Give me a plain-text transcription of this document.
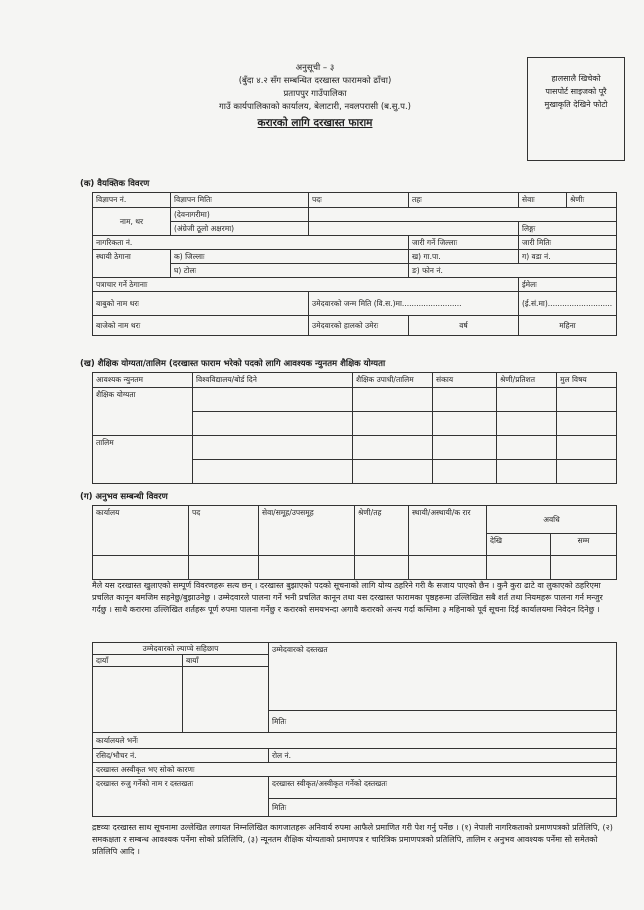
अनुसूची – ३
(बुँदा ४.२ सँग सम्बन्धित दरखास्त फारामको ढाँचा)
प्रतापपुर गाउँपालिका
गाउँ कार्यपालिकाको कार्यालय, बेलाटारी, नवलपरासी (ब.सु.प.)
करारको लागि दरखास्त फाराम
हालसालै खिचेको
पासपोर्ट साइजको पूरै
मुखाकृति देखिने फोटो
(क) वैयक्तिक विवरण
विज्ञापन नं.	विज्ञापन मितिः	पदः	तहः	सेवाः	श्रेणीः
नाम, थर	(देवनागरीमा)				
	(अंग्रेजी ठूलो अक्षरमा)			लिङ्गः	
नागरिकता नं.			जारी गर्ने जिल्लाः	जारी मितिः	
स्थायी ठेगाना	क) जिल्लाः		ख) गा.पा.	ग) वडा नं.	
	घ) टोलः		ङ) फोन नं.		
पत्राचार गर्ने ठेगानाः				ईमेलः	
बाबुको नाम थरः		उमेदवारको जन्म मिति (वि.स.)मा.........................		(ई.सं.मा)...........................	
बाजेको नाम थरः		उमेदवारको हालको उमेरः	वर्ष	महिना	
(ख) शैक्षिक योग्यता/तालिम (दरखास्त फाराम भरेको पदको लागि आवश्यक न्युनतम शैक्षिक योग्यता
आवश्यक न्युनतम	विश्वविद्यालय/बोर्ड दिने	शैक्षिक उपाधी/तालिम	संकाय	श्रेणी/प्रतिशत	मुल विषय
शैक्षिक योग्यता					

तालिम					

(ग) अनुभव सम्बन्धी विवरण
कार्यालय	पद	सेवा/समूह/उपसमूह	श्रेणी/तह	स्थायी/अस्थायी/क रार	अवधि	
					देखि	सम्म

मैले यस दरखास्त खुलाएको सम्पूर्ण विवरणहरू सत्य छन् । दरखास्त बुझाएको पदको सूचनाको लागि योग्य ठहरिने गरी कै सजाय पाएको छैन । कुनै कुरा ढाटे वा लुकाएको ठहरिएमा प्रचलित कानून बमजिम सहनेछु/बुझाउनेछु । उम्मेदवारले पालना गर्ने भनी प्रचलित कानून तथा यस दरखास्त फारामका पृष्ठहरूमा उल्लिखित सबै शर्त तथा नियमहरू पालना गर्न मन्जुर गर्दछु । साथै करारमा उल्लिखित शर्तहरू पूर्ण रुपमा पालना गर्नेछु र करारको समयभन्दा अगावै करारको अन्त्य गर्दा कम्तिमा ३ महिनाको पूर्व सूचना दिई कार्यालयमा निवेदन दिनेछु ।
उम्मेदवारको ल्याप्चे सहिछाप		उम्मेदवारको दस्तखत
दायाँ	बायाँ	

		मितिः
कार्यालयले भर्नेः		
रसिद/भौचर नं.		रोल नं.
दरखास्त अस्वीकृत भए सोको कारणः		
दरखास्त रुजु गर्नेको नाम र दस्तखतः		दरखास्त स्वीकृत/अस्वीकृत गर्नेको दस्तखतः
		मितिः
द्रष्टव्यः दरखास्त साथ सूचनामा उल्लेखित लगायत निम्नलिखित कागजातहरू अनिवार्य रुपमा आफैले प्रमाणित गरी पेश गर्नु पर्नेछ । (१) नेपाली नागरिकताको प्रमाणपत्रको प्रतिलिपि, (२) समकक्षता र सम्बन्ध आवश्यक पर्नेमा सोको प्रतिलिपि, (३) न्यूनतम शैक्षिक योग्यताको प्रमाणपत्र र चारित्रिक प्रमाणपत्रको प्रतिलिपि, तालिम र अनुभव आवश्यक पर्नेमा सो समेतको प्रतिलिपि आदि ।
